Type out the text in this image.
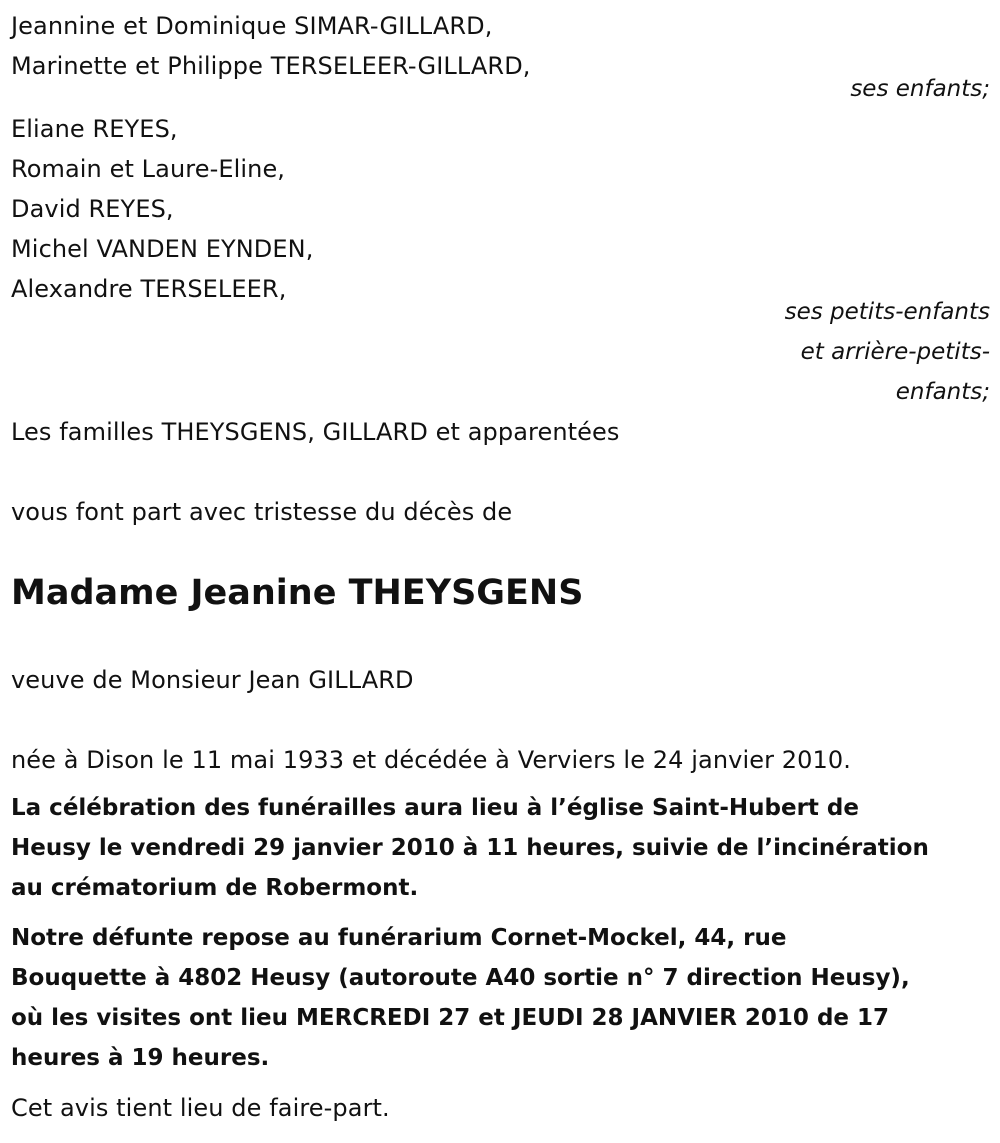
Jeannine et Dominique SIMAR-GILLARD,
Marinette et Philippe TERSELEER-GILLARD,
ses enfants;
Eliane REYES,
Romain et Laure-Eline,
David REYES,
Michel VANDEN EYNDEN,
Alexandre TERSELEER,
ses petits-enfants
et arrière-petits-
enfants;
Les familles THEYSGENS, GILLARD et apparentées
vous font part avec tristesse du décès de
Madame Jeanine THEYSGENS
veuve de Monsieur Jean GILLARD
née à Dison le 11 mai 1933 et décédée à Verviers le 24 janvier 2010.
La célébration des funérailles aura lieu à l’église Saint-Hubert de
Heusy le vendredi 29 janvier 2010 à 11 heures, suivie de l’incinération
au crématorium de Robermont.
Notre défunte repose au funérarium Cornet-Mockel, 44, rue
Bouquette à 4802 Heusy (autoroute A40 sortie n° 7 direction Heusy),
où les visites ont lieu MERCREDI 27 et JEUDI 28 JANVIER 2010 de 17
heures à 19 heures.
Cet avis tient lieu de faire-part.
